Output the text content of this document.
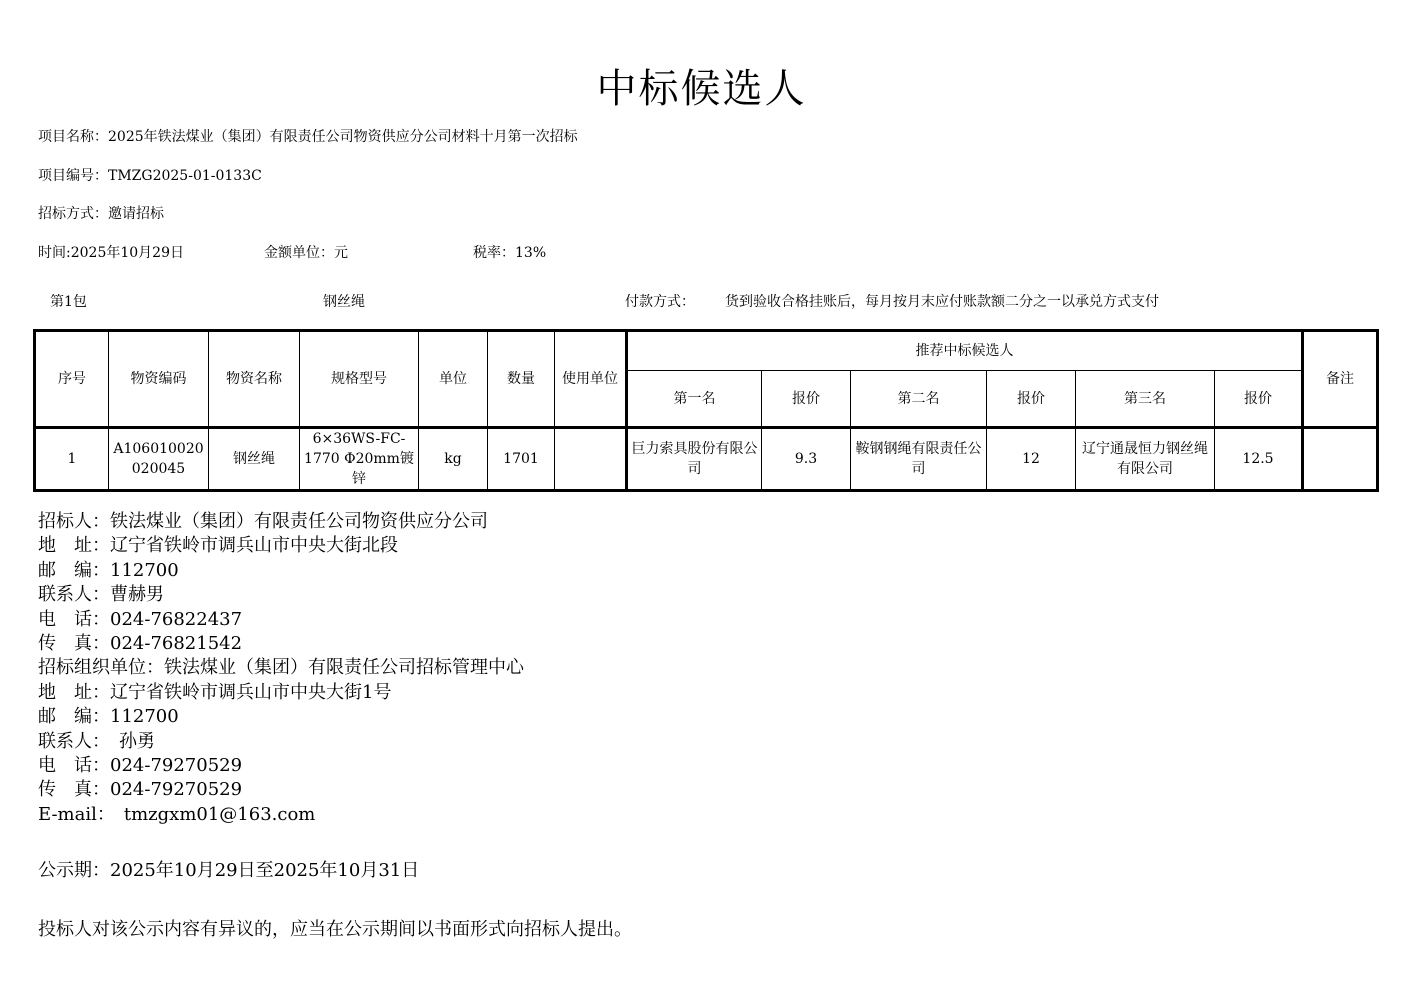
中标候选人
项目名称：2025年铁法煤业（集团）有限责任公司物资供应分公司材料十月第一次招标
项目编号：TMZG2025-01-0133C
招标方式：邀请招标
时间:2025年10月29日	金额单位：元	税率：13%
第1包	钢丝绳	付款方式： 货到验收合格挂账后，每月按月末应付账款额二分之一以承兑方式支付
序号	物资编码	物资名称	规格型号	单位	数量	使用单位	推荐中标候选人						备注
							第一名	报价	第二名	报价	第三名	报价	
1	A106010020020045	钢丝绳	6×36WS-FC-1770 Φ20mm镀锌	kg	1701		巨力索具股份有限公司	9.3	鞍钢钢绳有限责任公司	12	辽宁通晟恒力钢丝绳有限公司	12.5	
招标人：铁法煤业（集团）有限责任公司物资供应分公司
地　址：辽宁省铁岭市调兵山市中央大街北段
邮　编：112700
联系人：曹赫男
电　话：024-76822437
传　真：024-76821542
招标组织单位：铁法煤业（集团）有限责任公司招标管理中心
地　址：辽宁省铁岭市调兵山市中央大街1号
邮　编：112700
联系人：　孙勇
电　话：024-79270529
传　真：024-79270529
E-mail：　tmzgxm01@163.com
公示期：2025年10月29日至2025年10月31日
投标人对该公示内容有异议的，应当在公示期间以书面形式向招标人提出。
